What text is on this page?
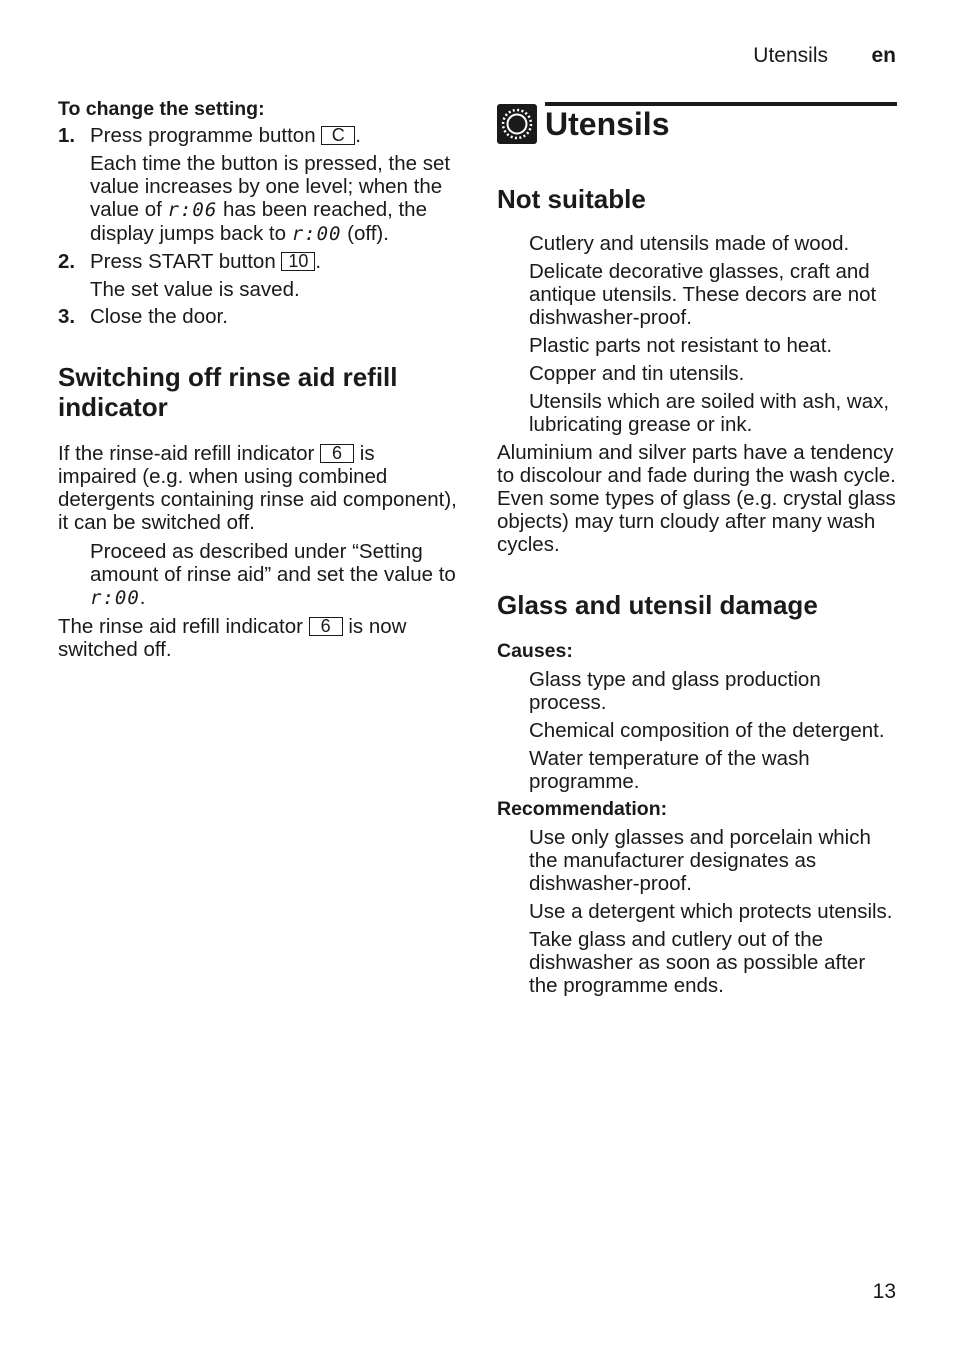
Utensils en

To change the setting:

1. Press programme button C .

Each time the button is pressed, the set value increases by one level; when the value of r:06 has been reached, the display jumps back to r:00 (off).

2. Press START button 10 .

The set value is saved.

3. Close the door.
Switching off rinse aid refill indicator

If the rinse-aid refill indicator 6 is impaired (e.g. when using combined detergents containing rinse aid component), it can be switched off.

Proceed as described under “Setting amount of rinse aid” and set the value to r:00.

The rinse aid refill indicator 6 is now switched off.

Utensils
Not suitable
Cutlery and utensils made of wood.
Delicate decorative glasses, craft and antique utensils. These decors are not dishwasher-proof.
Plastic parts not resistant to heat.
Copper and tin utensils.
Utensils which are soiled with ash, wax, lubricating grease or ink.

Aluminium and silver parts have a tendency to discolour and fade during the wash cycle. Even some types of glass (e.g. crystal glass objects) may turn cloudy after many wash cycles.

Glass and utensil damage

Causes:

Glass type and glass production process.
Chemical composition of the detergent.
Water temperature of the wash programme.

Recommendation:

Use only glasses and porcelain which the manufacturer designates as dishwasher-proof.
Use a detergent which protects utensils.
Take glass and cutlery out of the dishwasher as soon as possible after the programme ends.
13
